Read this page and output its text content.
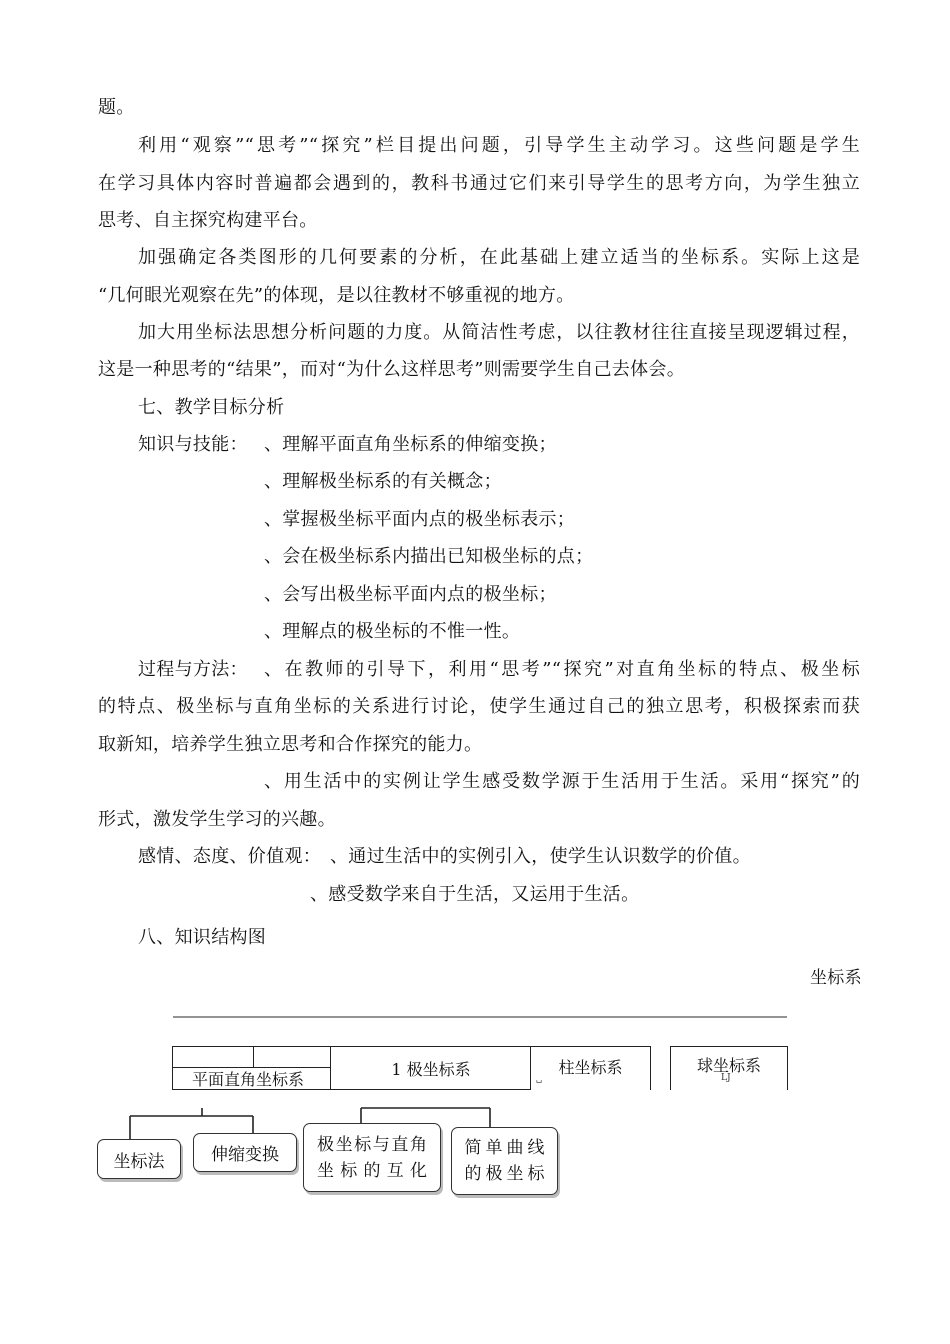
题。
利用“观察”“思考”“探究”栏目提出问题，引导学生主动学习。这些问题是学生
在学习具体内容时普遍都会遇到的，教科书通过它们来引导学生的思考方向，为学生独立
思考、自主探究构建平台。
加强确定各类图形的几何要素的分析，在此基础上建立适当的坐标系。实际上这是
“几何眼光观察在先”的体现，是以往教材不够重视的地方。
加大用坐标法思想分析问题的力度。从简洁性考虑，以往教材往往直接呈现逻辑过程，
这是一种思考的“结果”，而对“为什么这样思考”则需要学生自己去体会。
七、教学目标分析
知识与技能： 、理解平面直角坐标系的伸缩变换；
、理解极坐标系的有关概念；
、掌握极坐标平面内点的极坐标表示；
、会在极坐标系内描出已知极坐标的点；
、会写出极坐标平面内点的极坐标；
、理解点的极坐标的不惟一性。
过程与方法： 、在教师的引导下，利用“思考”“探究”对直角坐标的特点、极坐标
的特点、极坐标与直角坐标的关系进行讨论，使学生通过自己的独立思考，积极探索而获
取新知，培养学生独立思考和合作探究的能力。
、用生活中的实例让学生感受数学源于生活用于生活。采用“探究”的
形式，激发学生学习的兴趣。
感情、态度、价值观： 、通过生活中的实例引入，使学生认识数学的价值。
、感受数学来自于生活，又运用于生活。
八、知识结构图
坐标系
平面直角坐标系
1 极坐标系	柱坐标系
␣
球坐标系
LJ
坐标法	伸缩变换
极坐标与直角坐标的互化
简单曲线的极坐标
